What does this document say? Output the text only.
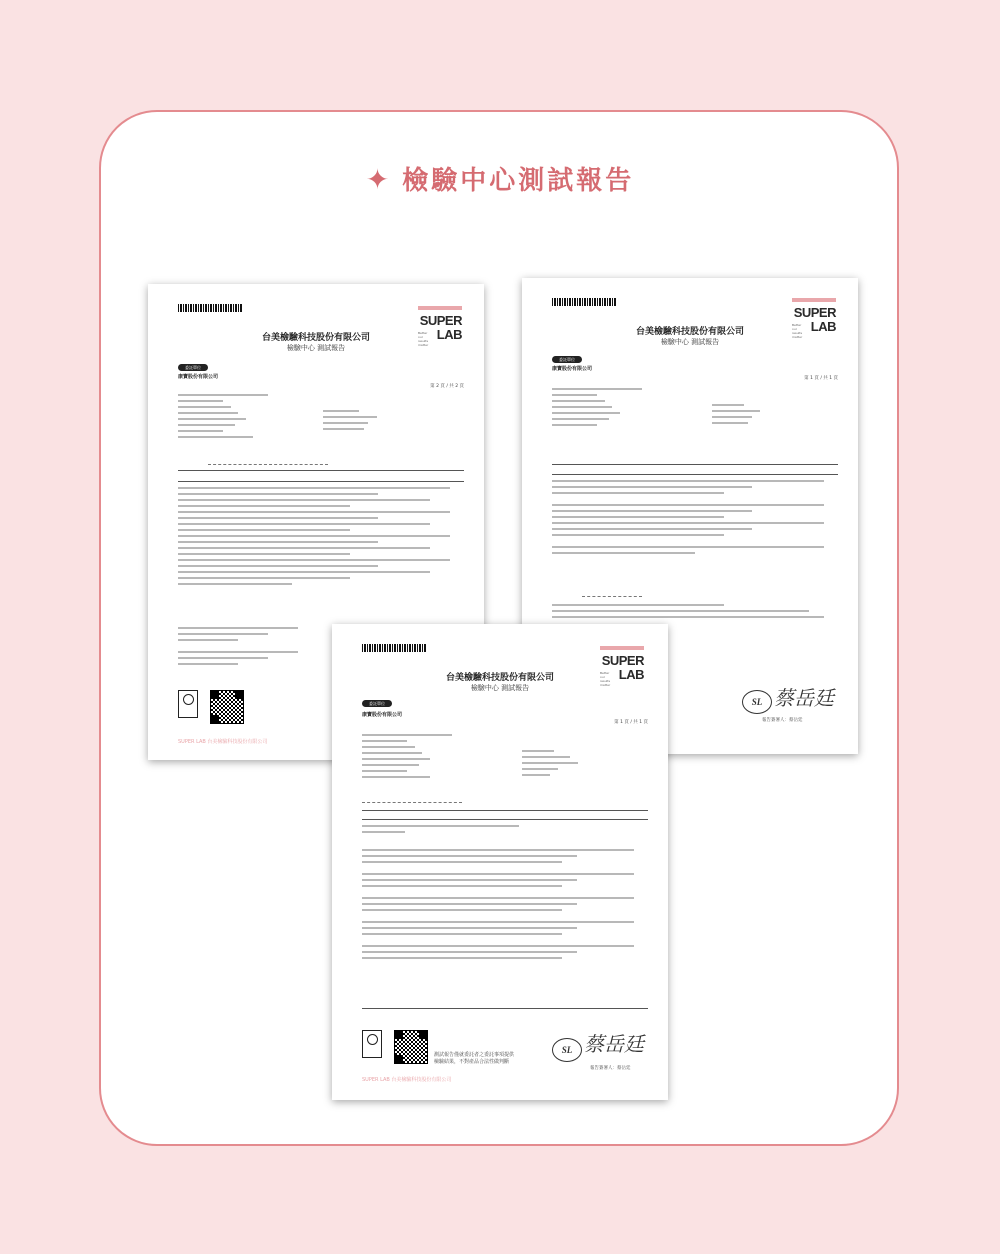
✦ 檢驗中心測試報告
台美檢驗科技股份有限公司
檢驗中心 測試報告
SUPER
LAB
Better our results matter
委託單位
康寶股份有限公司
第 2 頁 / 共 2 頁
SUPER LAB 台美檢驗科技股份有限公司
台美檢驗科技股份有限公司
檢驗中心 測試報告
SUPER
LAB
Better our results matter
委託單位
康寶股份有限公司
第 1 頁 / 共 1 頁
SL 蔡岳廷
報告簽署人：蔡岳廷
台美檢驗科技股份有限公司
檢驗中心 測試報告
SUPER
LAB
Better our results matter
委託單位
康寶股份有限公司
第 1 頁 / 共 1 頁
測試報告僅就委託者之委託事項提供
檢驗結果，不對產品合法性做判斷
SL 蔡岳廷
報告簽署人：蔡岳廷
SUPER LAB 台美檢驗科技股份有限公司
